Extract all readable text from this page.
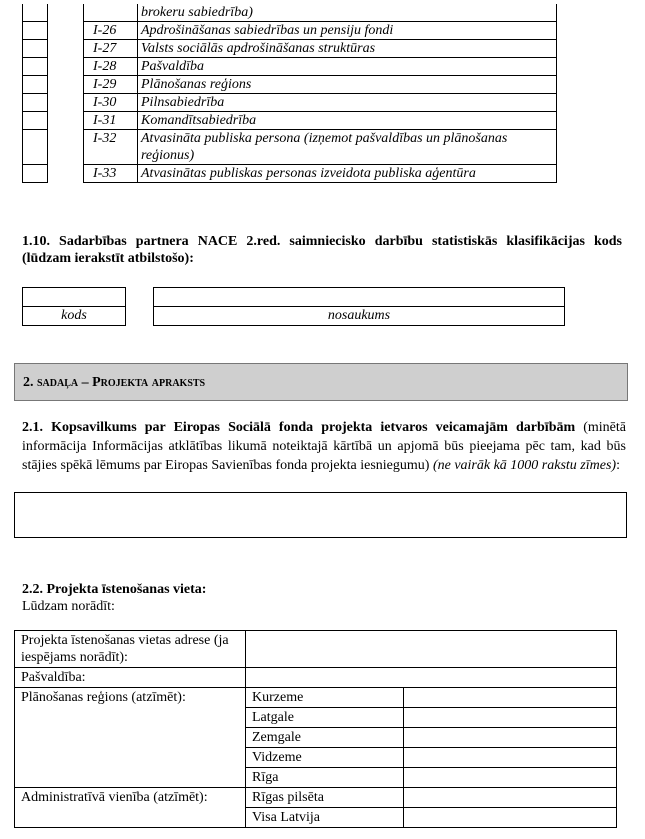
			brokeru sabiedrība)
		I-26	Apdrošināšanas sabiedrības un pensiju fondi
		I-27	Valsts sociālās apdrošināšanas struktūras
		I-28	Pašvaldība
		I-29	Plānošanas reģions
		I-30	Pilnsabiedrība
		I-31	Komandītsabiedrība
		I-32	Atvasināta publiska persona (izņemot pašvaldības un plānošanas reģionus)
		I-33	Atvasinātas publiskas personas izveidota publiska aģentūra
1.10. Sadarbības partnera NACE 2.red. saimniecisko darbību statistiskās klasifikācijas kods (lūdzam ierakstīt atbilstošo):
kods	nosaukums
2. sadaļa – Projekta apraksts
2.1. Kopsavilkums par Eiropas Sociālā fonda projekta ietvaros veicamajām darbībām (minētā informācija Informācijas atklātības likumā noteiktajā kārtībā un apjomā būs pieejama pēc tam, kad būs stājies spēkā lēmums par Eiropas Savienības fonda projekta iesniegumu) (ne vairāk kā 1000 rakstu zīmes):
2.2. Projekta īstenošanas vieta:
Lūdzam norādīt:
Projekta īstenošanas vietas adrese (ja iespējams norādīt):		
Pašvaldība:		
Plānošanas reģions (atzīmēt):	Kurzeme	
	Latgale	
	Zemgale	
	Vidzeme	
	Rīga	
Administratīvā vienība (atzīmēt):	Rīgas pilsēta	
	Visa Latvija	
